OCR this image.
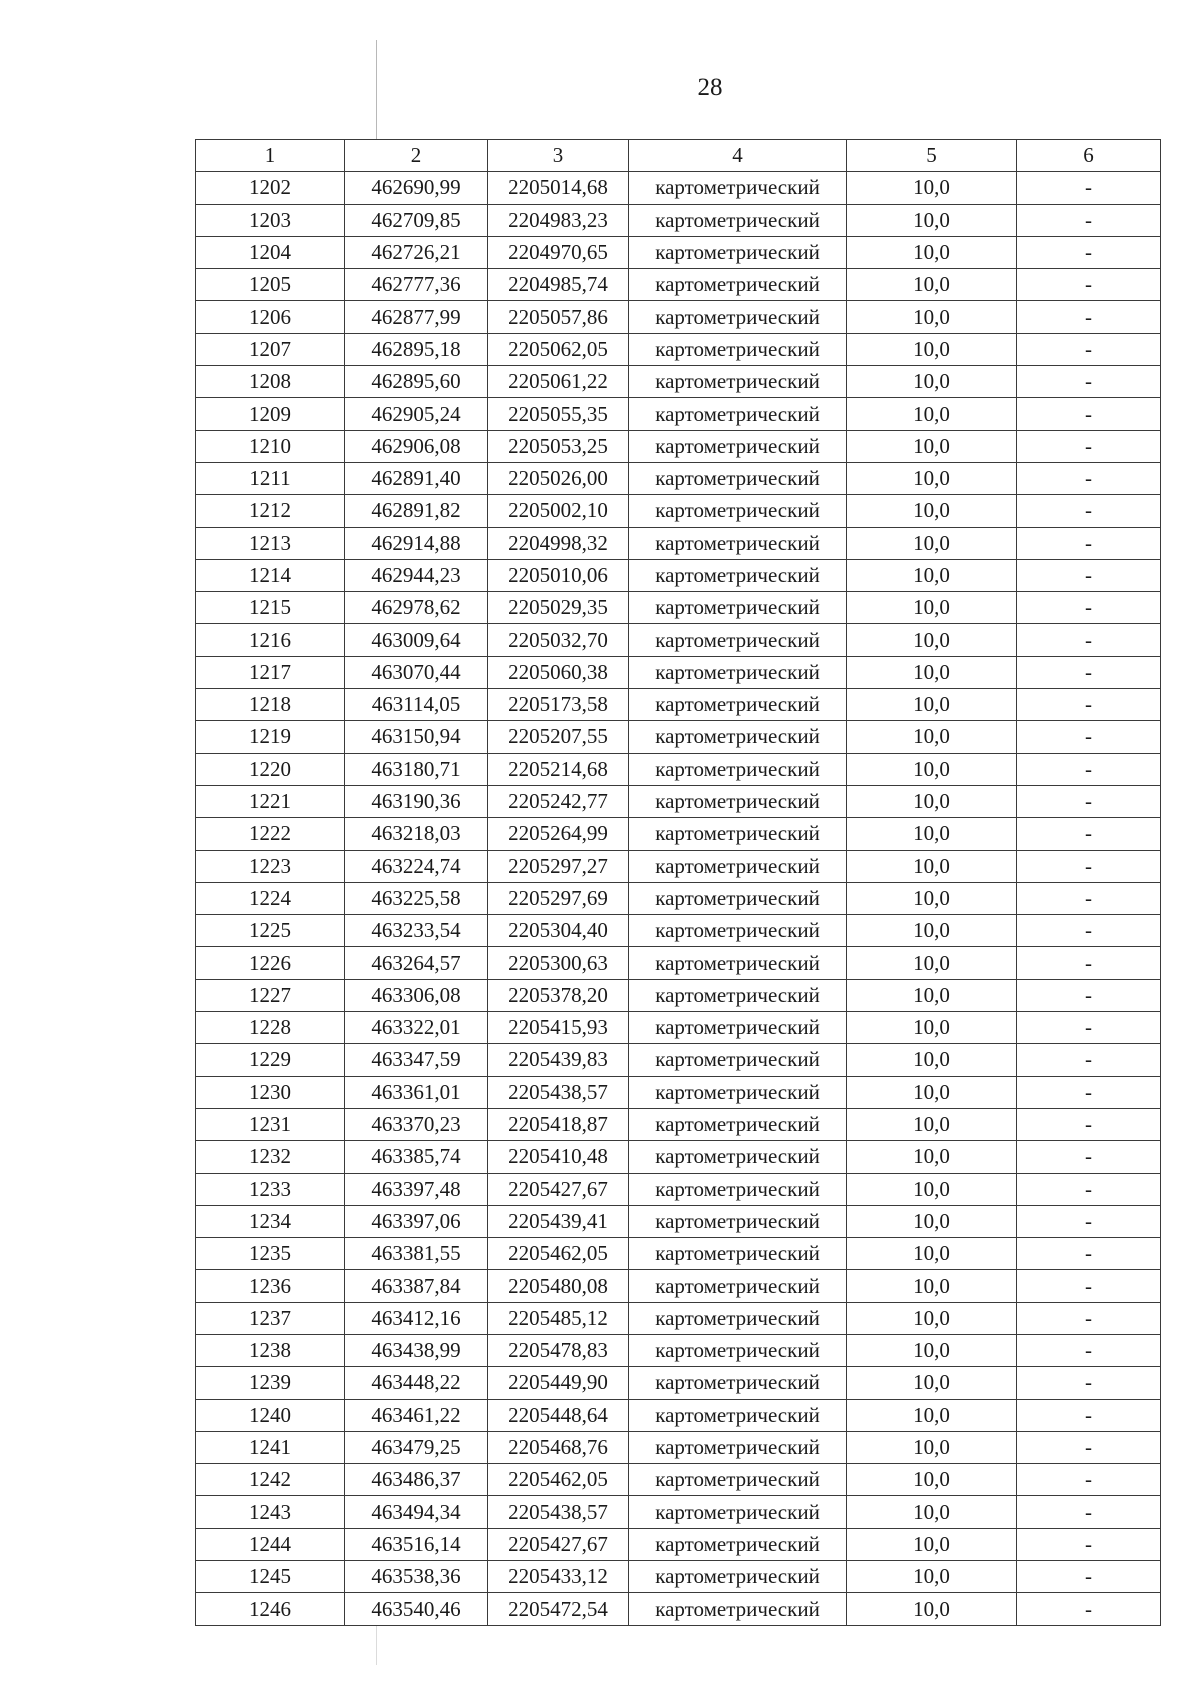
28
1	2	3	4	5	6
1202	462690,99	2205014,68	картометрический	10,0	-
1203	462709,85	2204983,23	картометрический	10,0	-
1204	462726,21	2204970,65	картометрический	10,0	-
1205	462777,36	2204985,74	картометрический	10,0	-
1206	462877,99	2205057,86	картометрический	10,0	-
1207	462895,18	2205062,05	картометрический	10,0	-
1208	462895,60	2205061,22	картометрический	10,0	-
1209	462905,24	2205055,35	картометрический	10,0	-
1210	462906,08	2205053,25	картометрический	10,0	-
1211	462891,40	2205026,00	картометрический	10,0	-
1212	462891,82	2205002,10	картометрический	10,0	-
1213	462914,88	2204998,32	картометрический	10,0	-
1214	462944,23	2205010,06	картометрический	10,0	-
1215	462978,62	2205029,35	картометрический	10,0	-
1216	463009,64	2205032,70	картометрический	10,0	-
1217	463070,44	2205060,38	картометрический	10,0	-
1218	463114,05	2205173,58	картометрический	10,0	-
1219	463150,94	2205207,55	картометрический	10,0	-
1220	463180,71	2205214,68	картометрический	10,0	-
1221	463190,36	2205242,77	картометрический	10,0	-
1222	463218,03	2205264,99	картометрический	10,0	-
1223	463224,74	2205297,27	картометрический	10,0	-
1224	463225,58	2205297,69	картометрический	10,0	-
1225	463233,54	2205304,40	картометрический	10,0	-
1226	463264,57	2205300,63	картометрический	10,0	-
1227	463306,08	2205378,20	картометрический	10,0	-
1228	463322,01	2205415,93	картометрический	10,0	-
1229	463347,59	2205439,83	картометрический	10,0	-
1230	463361,01	2205438,57	картометрический	10,0	-
1231	463370,23	2205418,87	картометрический	10,0	-
1232	463385,74	2205410,48	картометрический	10,0	-
1233	463397,48	2205427,67	картометрический	10,0	-
1234	463397,06	2205439,41	картометрический	10,0	-
1235	463381,55	2205462,05	картометрический	10,0	-
1236	463387,84	2205480,08	картометрический	10,0	-
1237	463412,16	2205485,12	картометрический	10,0	-
1238	463438,99	2205478,83	картометрический	10,0	-
1239	463448,22	2205449,90	картометрический	10,0	-
1240	463461,22	2205448,64	картометрический	10,0	-
1241	463479,25	2205468,76	картометрический	10,0	-
1242	463486,37	2205462,05	картометрический	10,0	-
1243	463494,34	2205438,57	картометрический	10,0	-
1244	463516,14	2205427,67	картометрический	10,0	-
1245	463538,36	2205433,12	картометрический	10,0	-
1246	463540,46	2205472,54	картометрический	10,0	-
